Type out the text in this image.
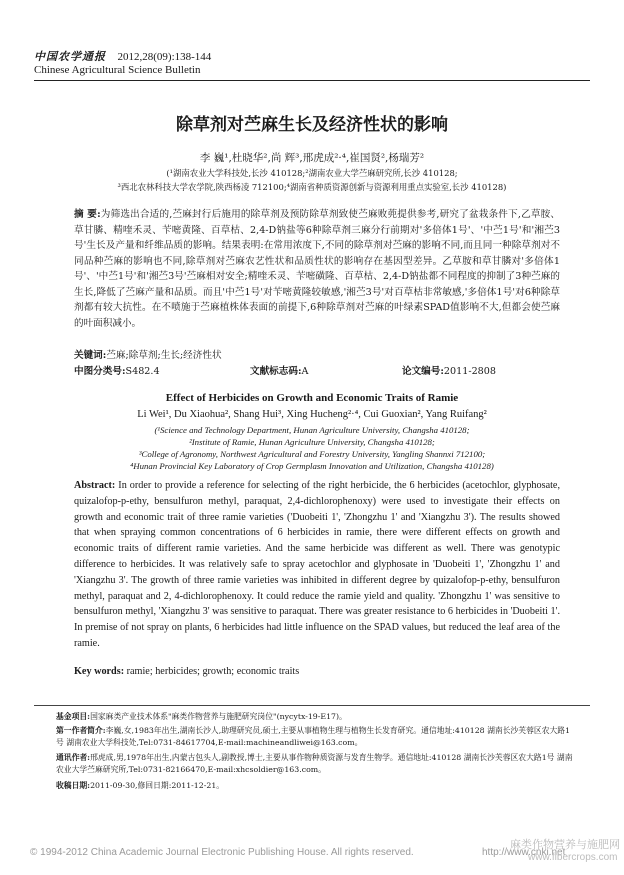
中国农学通报 2012,28(09):138-144
Chinese Agricultural Science Bulletin
除草剂对苎麻生长及经济性状的影响
李 巍¹,杜晓华²,尚 辉³,邢虎成²·⁴,崔国贤²,杨瑞芳²
(¹湖南农业大学科技处,长沙 410128;²湖南农业大学苎麻研究所,长沙 410128;
³西北农林科技大学农学院,陕西杨凌 712100;⁴湖南省种质资源创新与资源利用重点实验室,长沙 410128)
摘 要:为筛选出合适的,苎麻封行后施用的除草剂及预防除草剂致使苎麻败蔸提供参考,研究了盆栽条件下,乙草胺、草甘膦、精喹禾灵、苄嘧黄隆、百草枯、2,4-D钠盐等6种除草剂三麻分行前期对'多倍体1号'、'中苎1号'和'湘苎3号'生长及产量和纤维品质的影响。结果表明:在常用浓度下,不同的除草剂对苎麻的影响不同,而且同一种除草剂对不同品种苎麻的影响也不同,除草剂对苎麻农艺性状和品质性状的影响存在基因型差异。乙草胺和草甘膦对'多倍体1号'、'中苎1号'和'湘苎3号'苎麻相对安全;精喹禾灵、苄嘧磺隆、百草枯、2,4-D钠盐都不同程度的抑制了3种苎麻的生长,降低了苎麻产量和品质。而且'中苎1号'对苄嘧黄隆较敏感,'湘苎3号'对百草枯非常敏感,'多倍体1号'对6种除草剂都有较大抗性。在不喷施于苎麻植株体表面的前提下,6种除草剂对苎麻的叶绿素SPAD值影响不大,但都会使苎麻的叶面积减小。
关键词:苎麻;除草剂;生长;经济性状
中图分类号:S482.4	文献标志码:A	论文编号:2011-2808
Effect of Herbicides on Growth and Economic Traits of Ramie
Li Wei¹, Du Xiaohua², Shang Hui³, Xing Hucheng²·⁴, Cui Guoxian², Yang Ruifang²
(¹Science and Technology Department, Hunan Agriculture University, Changsha 410128;
²Institute of Ramie, Hunan Agriculture University, Changsha 410128;
³College of Agronomy, Northwest Agricultural and Forestry University, Yangling Shannxi 712100;
⁴Hunan Provincial Key Laboratory of Crop Germplasm Innovation and Utilization, Changsha 410128)
Abstract: In order to provide a reference for selecting of the right herbicide, the 6 herbicides (acetochlor, glyphosate, quizalofop-p-ethy, bensulfuron methyl, paraquat, 2,4-dichlorophenoxy) were used to investigate their effects on growth and economic trait of three ramie varieties ('Duobeiti 1', 'Zhongzhu 1' and 'Xiangzhu 3'). The results showed that when spraying common concentrations of 6 herbicides in ramie, there were different effects on growth and economic traits of different ramie varieties. And the same herbicide was different as well. There was genotypic difference to herbicides. It was relatively safe to spray acetochlor and glyphosate in 'Duobeiti 1', 'Zhongzhu 1' and 'Xiangzhu 3'. The growth of three ramie varieties was inhibited in different degree by quizalofop-p-ethy, bensulfuron methyl, paraquat and 2, 4-dichlorophenoxy. It could reduce the ramie yield and quality. 'Zhongzhu 1' was sensitive to bensulfuron methyl, 'Xiangzhu 3' was sensitive to paraquat. There was greater resistance to 6 herbicides in 'Duobeiti 1'. In premise of not spray on plants, 6 herbicides had little influence on the SPAD values, but reduced the leaf area of the ramie.
Key words: ramie; herbicides; growth; economic traits
基金项目:国家麻类产业技术体系"麻类作物营养与施肥研究岗位"(nycytx-19-E17)。
第一作者简介:李巍,女,1983年出生,湖南长沙人,助理研究员,硕士,主要从事植物生理与植物生长发育研究。通信地址:410128 湖南长沙芙蓉区农大路1号 湖南农业大学科技处,Tel:0731-84617704,E-mail:machineandliwei@163.com。
通讯作者:邢虎成,男,1978年出生,内蒙古包头人,副教授,博士,主要从事作物种质资源与发育生物学。通信地址:410128 湖南长沙芙蓉区农大路1号 湖南农业大学苎麻研究所,Tel:0731-82166470,E-mail:xhcsoldier@163.com。
收稿日期:2011-09-30,修回日期:2011-12-21。
© 1994-2012 China Academic Journal Electronic Publishing House. All rights reserved.	http://www.cnki.net
麻类作物营养与施肥网
www.fibercrops.com
